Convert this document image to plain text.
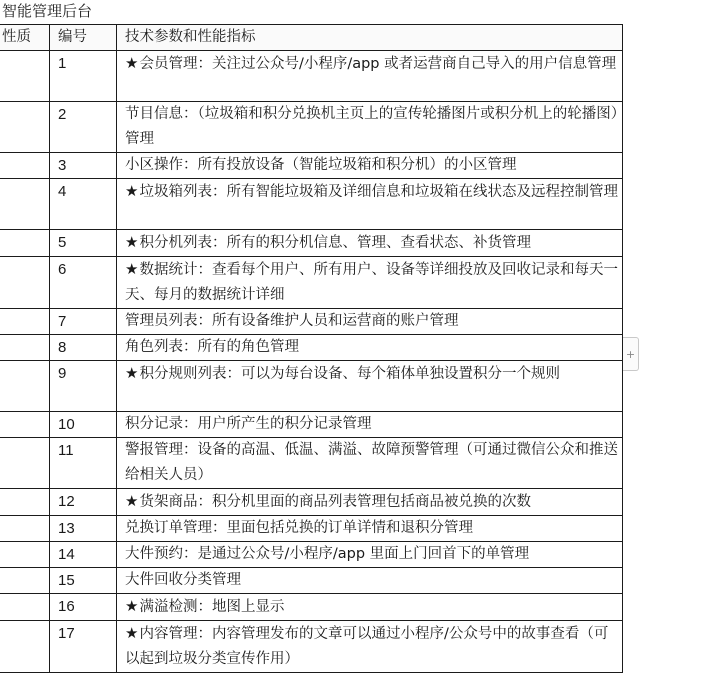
智能管理后台
性质	编号	技术参数和性能指标
	1	★会员管理：关注过公众号/小程序/app 或者运营商自己导入的用户信息管理
	2	节目信息：（垃圾箱和积分兑换机主页上的宣传轮播图片或积分机上的轮播图）管理
	3	小区操作：所有投放设备（智能垃圾箱和积分机）的小区管理
	4	★垃圾箱列表：所有智能垃圾箱及详细信息和垃圾箱在线状态及远程控制管理
	5	★积分机列表：所有的积分机信息、管理、查看状态、补货管理
	6	★数据统计：查看每个用户、所有用户、设备等详细投放及回收记录和每天一天、每月的数据统计详细
	7	管理员列表：所有设备维护人员和运营商的账户管理
	8	角色列表：所有的角色管理
	9	★积分规则列表：可以为每台设备、每个箱体单独设置积分一个规则
	10	积分记录：用户所产生的积分记录管理
	11	警报管理：设备的高温、低温、满溢、故障预警管理（可通过微信公众和推送给相关人员）
	12	★货架商品：积分机里面的商品列表管理包括商品被兑换的次数
	13	兑换订单管理：里面包括兑换的订单详情和退积分管理
	14	大件预约：是通过公众号/小程序/app 里面上门回首下的单管理
	15	大件回收分类管理
	16	★满溢检测：地图上显示
	17	★内容管理：内容管理发布的文章可以通过小程序/公众号中的故事查看（可以起到垃圾分类宣传作用）
+
